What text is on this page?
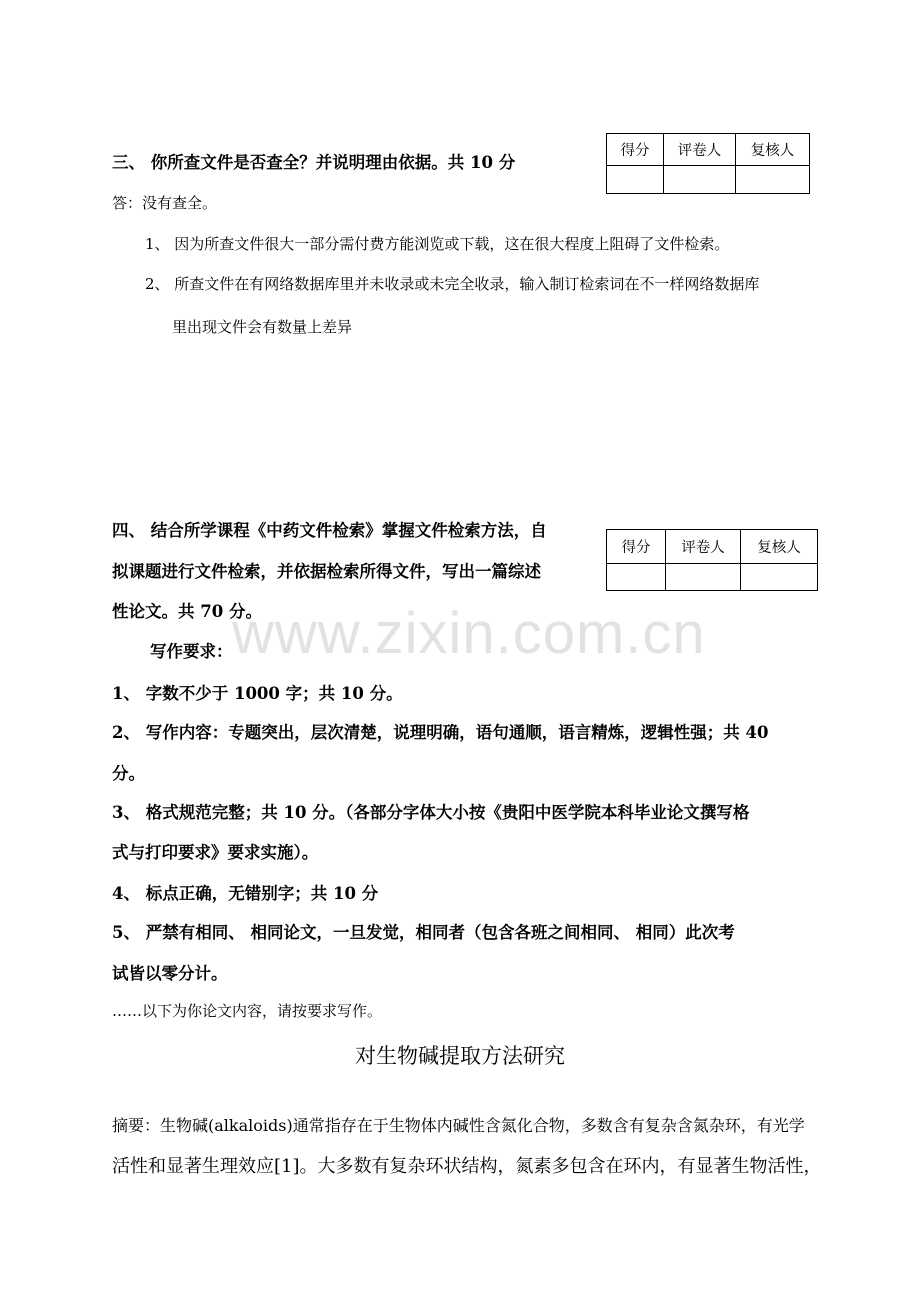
三、 你所查文件是否查全？并说明理由依据。共 10 分
得分	评卷人	复核人

答：没有查全。
1、 因为所查文件很大一部分需付费方能浏览或下载，这在很大程度上阻碍了文件检索。
2、 所查文件在有网络数据库里并未收录或未完全收录，输入制订检索词在不一样网络数据库
里出现文件会有数量上差异
四、 结合所学课程《中药文件检索》掌握文件检索方法，自
拟课题进行文件检索，并依据检索所得文件，写出一篇综述
性论文。共 70 分。
得分	评卷人	复核人

www.zixin.com.cn
写作要求：
1、 字数不少于 1000 字；共 10 分。
2、 写作内容：专题突出，层次清楚，说理明确，语句通顺，语言精炼，逻辑性强；共 40
分。
3、 格式规范完整；共 10 分。（各部分字体大小按《贵阳中医学院本科毕业论文撰写格
式与打印要求》要求实施）。
4、 标点正确，无错别字；共 10 分
5、 严禁有相同、 相同论文，一旦发觉，相同者（包含各班之间相同、 相同）此次考
试皆以零分计。
……以下为你论文内容，请按要求写作。
对生物碱提取方法研究
摘要：生物碱(alkaloids)通常指存在于生物体内碱性含氮化合物，多数含有复杂含氮杂环，有光学
活性和显著生理效应[1]。大多数有复杂环状结构，氮素多包含在环内，有显著生物活性，
